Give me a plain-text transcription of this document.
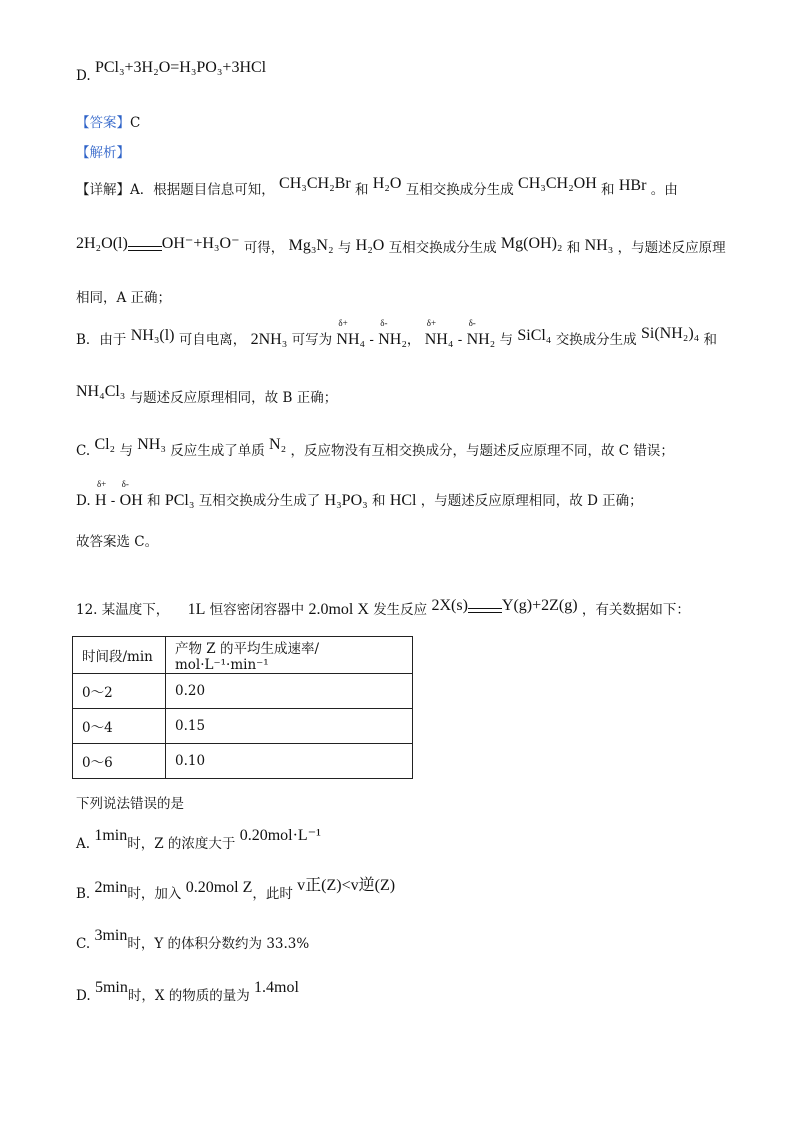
D. PCl₃+3H₂O=H₃PO₃+3HCl
【答案】C
【解析】
【详解】A．根据题目信息可知， CH₃CH₂Br 和 H₂O 互相交换成分生成 CH₃CH₂OH 和 HBr 。由
2H₂O(l) OH⁻+H₃O⁻ 可得， Mg₃N₂ 与 H₂O 互相交换成分生成 Mg(OH)₂ 和 NH₃ ，与题述反应原理
相同，A 正确；
B．由于 NH₃(l) 可自电离， 2NH₃ 可写为
δ+
NH₄ -
δ-
NH₂，
δ+
NH₄ -
δ-
NH₂ 与 SiCl₄ 交换成分生成 Si(NH₂)₄ 和
NH₄Cl₃ 与题述反应原理相同，故 B 正确；
C. Cl₂ 与 NH₃ 反应生成了单质 N₂ ，反应物没有互相交换成分，与题述反应原理不同，故 C 错误；
D.
δ+
H -
δ-
OH 和 PCl₃ 互相交换成分生成了 H₃PO₃ 和 HCl ，与题述反应原理相同，故 D 正确；
故答案选 C。
12. 某温度下， 1L 恒容密闭容器中 2.0mol X 发生反应 2X(s) Y(g)+2Z(g) ，有关数据如下：
时间段/min	产物 Z 的平均生成速率/ mol·L⁻¹·min⁻¹
0～2	0.20
0～4	0.15
0～6	0.10
下列说法错误的是
A. 1min时，Z 的浓度大于 0.20mol·L⁻¹
B. 2min时，加入 0.20mol Z，此时 v正(Z)<v逆(Z)
C. 3min时，Y 的体积分数约为 33.3%
D. 5min时，X 的物质的量为 1.4mol
